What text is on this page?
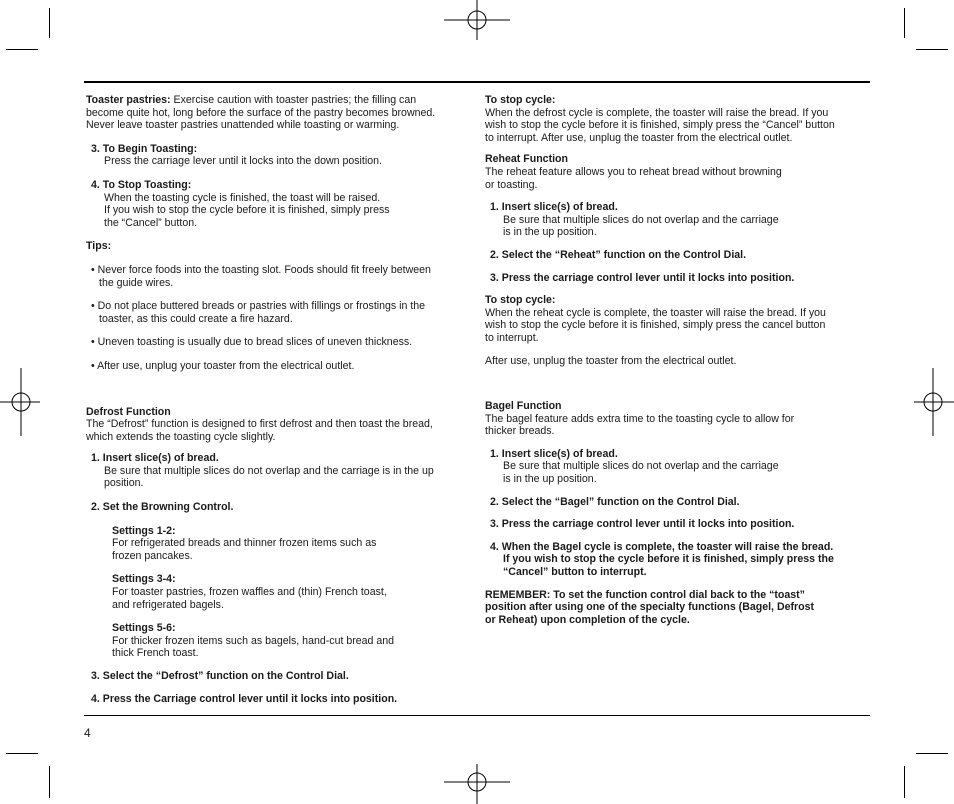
Toaster pastries: Exercise caution with toaster pastries; the filling can

become quite hot, long before the surface of the pastry becomes browned.

Never leave toaster pastries unattended while toasting or warming.

3. To Begin Toasting:

Press the carriage lever until it locks into the down position.

4. To Stop Toasting:

When the toasting cycle is finished, the toast will be raised.

If you wish to stop the cycle before it is finished, simply press

the “Cancel” button.

Tips:

• Never force foods into the toasting slot. Foods should fit freely between

the guide wires.

• Do not place buttered breads or pastries with fillings or frostings in the

toaster, as this could create a fire hazard.

• Uneven toasting is usually due to bread slices of uneven thickness.

• After use, unplug your toaster from the electrical outlet.

Defrost Function

The “Defrost” function is designed to first defrost and then toast the bread,

which extends the toasting cycle slightly.

1. Insert slice(s) of bread.

Be sure that multiple slices do not overlap and the carriage is in the up

position.

2. Set the Browning Control.

Settings 1-2:

For refrigerated breads and thinner frozen items such as

frozen pancakes.

Settings 3-4:

For toaster pastries, frozen waffles and (thin) French toast,

and refrigerated bagels.

Settings 5-6:

For thicker frozen items such as bagels, hand-cut bread and

thick French toast.

3. Select the “Defrost” function on the Control Dial.

4. Press the Carriage control lever until it locks into position.

To stop cycle:

When the defrost cycle is complete, the toaster will raise the bread. If you

wish to stop the cycle before it is finished, simply press the “Cancel” button

to interrupt. After use, unplug the toaster from the electrical outlet.

Reheat Function

The reheat feature allows you to reheat bread without browning

or toasting.

1. Insert slice(s) of bread.

Be sure that multiple slices do not overlap and the carriage

is in the up position.

2. Select the “Reheat” function on the Control Dial.

3. Press the carriage control lever until it locks into position.

To stop cycle:

When the reheat cycle is complete, the toaster will raise the bread. If you

wish to stop the cycle before it is finished, simply press the cancel button

to interrupt.

After use, unplug the toaster from the electrical outlet.

Bagel Function

The bagel feature adds extra time to the toasting cycle to allow for

thicker breads.

1. Insert slice(s) of bread.

Be sure that multiple slices do not overlap and the carriage

is in the up position.

2. Select the “Bagel” function on the Control Dial.

3. Press the carriage control lever until it locks into position.

4. When the Bagel cycle is complete, the toaster will raise the bread.

If you wish to stop the cycle before it is finished, simply press the

“Cancel” button to interrupt.

REMEMBER: To set the function control dial back to the “toast”

position after using one of the specialty functions (Bagel, Defrost

or Reheat) upon completion of the cycle.

4
